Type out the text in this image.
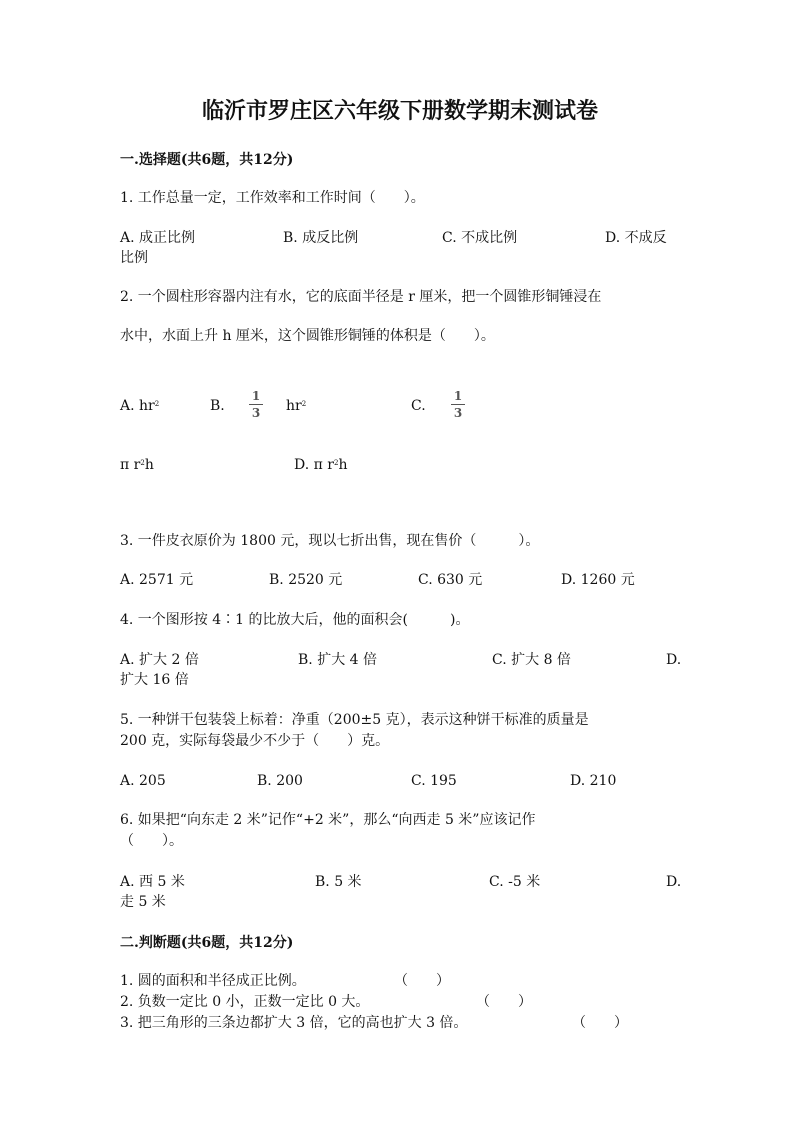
临沂市罗庄区六年级下册数学期末测试卷
一.选择题(共6题，共12分)
1. 工作总量一定，工作效率和工作时间（　　）。
A. 成正比例	B. 成反比例	C. 不成比例	D. 不成反
比例
2. 一个圆柱形容器内注有水，它的底面半径是 r 厘米，把一个圆锥形铜锤浸在
水中，水面上升 h 厘米，这个圆锥形铜锤的体积是（　　）。
A. $hr^2$	B.
1
3 $hr^2$	C.
1
3
π $r^2h$	D. π $r^2h$
3. 一件皮衣原价为 1800 元，现以七折出售，现在售价（　　　）。
A. 2571 元	B. 2520 元	C. 630 元	D. 1260 元
4. 一个图形按 4∶1 的比放大后，他的面积会(　　　)。
A. 扩大 2 倍	B. 扩大 4 倍	C. 扩大 8 倍	D.
扩大 16 倍
5. 一种饼干包装袋上标着：净重（200±5 克），表示这种饼干标准的质量是
200 克，实际每袋最少不少于（　　）克。
A. 205	B. 200	C. 195	D. 210
6. 如果把“向东走 2 米”记作“+2 米”，那么“向西走 5 米”应该记作
（　　）。
A. 西 5 米	B. 5 米	C. -5 米	D.
走 5 米
二.判断题(共6题，共12分)
1. 圆的面积和半径成正比例。	（　　）
2. 负数一定比 0 小，正数一定比 0 大。	（　　）
3. 把三角形的三条边都扩大 3 倍，它的高也扩大 3 倍。	（　　）
